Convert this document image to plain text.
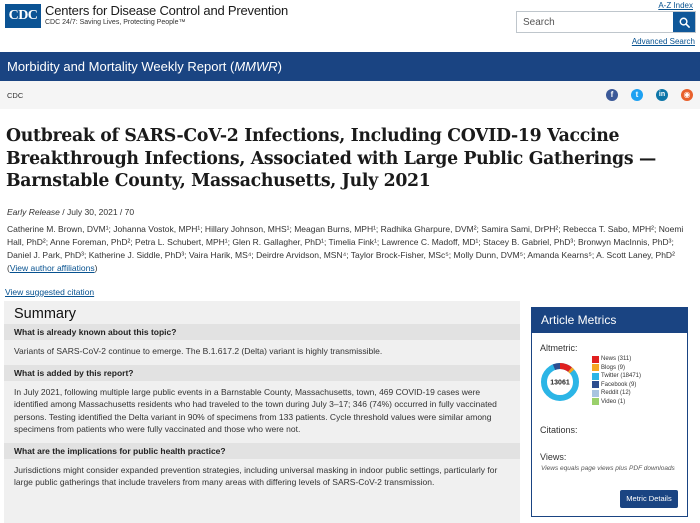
CDC Centers for Disease Control and Prevention
CDC 24/7: Saving Lives, Protecting People™
A-Z Index
Search
Advanced Search
Morbidity and Mortality Weekly Report (MMWR)
CDC	f	t	in	◉
Outbreak of SARS-CoV-2 Infections, Including COVID-19 Vaccine Breakthrough Infections, Associated with Large Public Gatherings — Barnstable County, Massachusetts, July 2021
Early Release / July 30, 2021 / 70
Catherine M. Brown, DVM¹; Johanna Vostok, MPH¹; Hillary Johnson, MHS¹; Meagan Burns, MPH¹; Radhika Gharpure, DVM²; Samira Sami, DrPH²; Rebecca T. Sabo, MPH²; Noemi Hall, PhD²; Anne Foreman, PhD²; Petra L. Schubert, MPH¹; Glen R. Gallagher, PhD¹; Timelia Fink¹; Lawrence C. Madoff, MD¹; Stacey B. Gabriel, PhD³; Bronwyn MacInnis, PhD³; Daniel J. Park, PhD³; Katherine J. Siddle, PhD³; Vaira Harik, MS⁴; Deirdre Arvidson, MSN⁴; Taylor Brock-Fisher, MSc⁵; Molly Dunn, DVM⁵; Amanda Kearns⁵; A. Scott Laney, PhD² (View author affiliations)
View suggested citation
Summary
What is already known about this topic?
Variants of SARS-CoV-2 continue to emerge. The B.1.617.2 (Delta) variant is highly transmissible.
What is added by this report?
In July 2021, following multiple large public events in a Barnstable County, Massachusetts, town, 469 COVID-19 cases were identified among Massachusetts residents who had traveled to the town during July 3–17; 346 (74%) occurred in fully vaccinated persons. Testing identified the Delta variant in 90% of specimens from 133 patients. Cycle threshold values were similar among specimens from patients who were fully vaccinated and those who were not.
What are the implications for public health practice?
Jurisdictions might consider expanded prevention strategies, including universal masking in indoor public settings, particularly for large public gatherings that include travelers from many areas with differing levels of SARS-CoV-2 transmission.
Article Metrics
Altmetric:
13061
News (311)
Blogs (9)
Twitter (18471)
Facebook (9)
Reddit (12)
Video (1)
Citations:
Views:
Views equals page views plus PDF downloads
Metric Details
